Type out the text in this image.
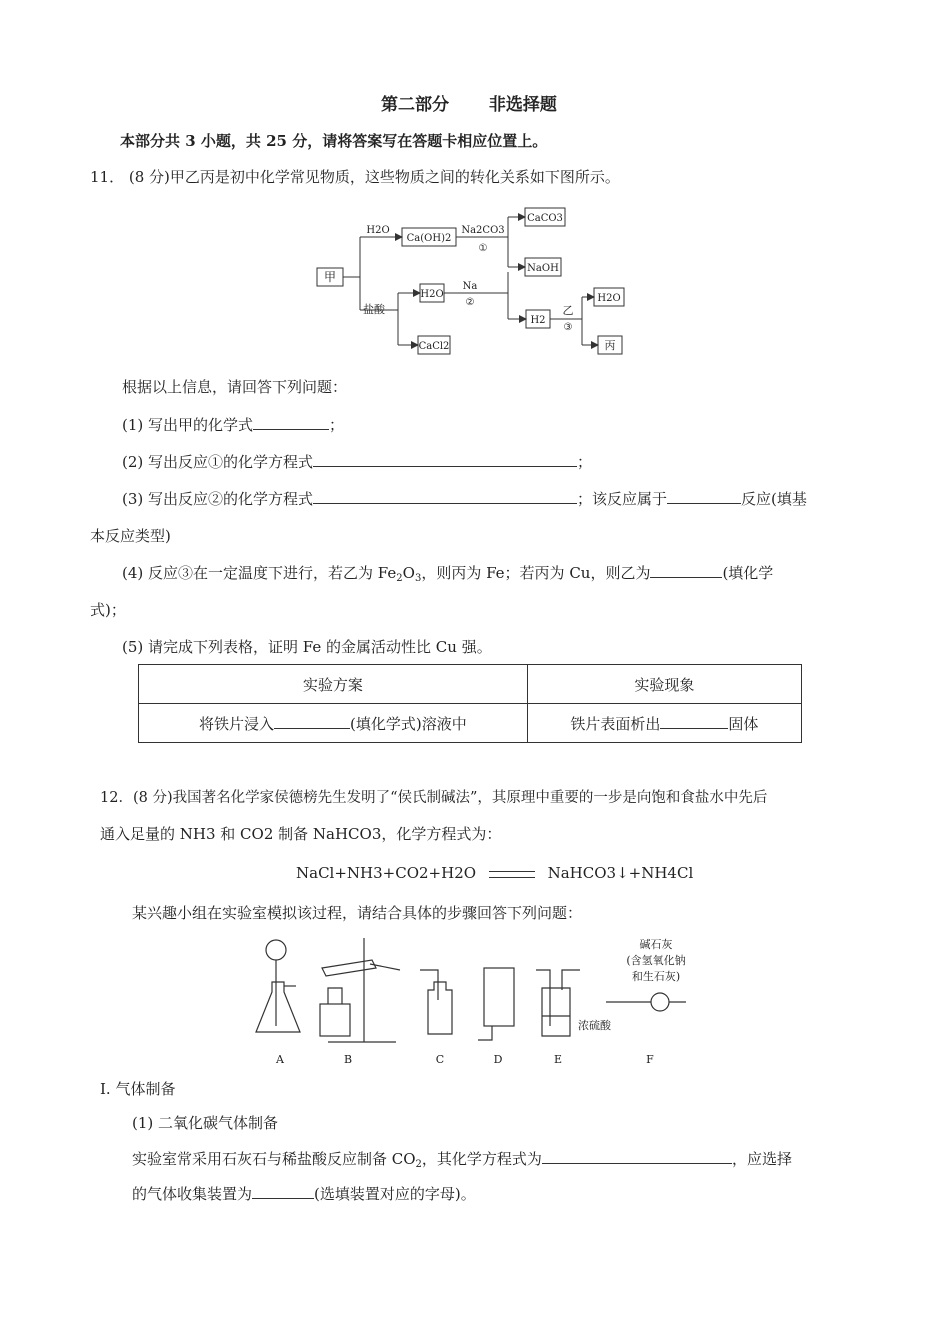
第二部分 非选择题
本部分共 3 小题，共 25 分，请将答案写在答题卡相应位置上。
11． (8 分)甲乙丙是初中化学常见物质，这些物质之间的转化关系如下图所示。
甲
H2O
Ca(OH)2
Na2CO3
①
CaCO3
NaOH
盐酸
H2O
Na
②
H2
乙
③
H2O
丙
CaCl2
根据以上信息，请回答下列问题：
(1) 写出甲的化学式	；
(2) 写出反应①的化学方程式	；
(3) 写出反应②的化学方程式	；该反应属于	反应(填基
本反应类型)
(4) 反应③在一定温度下进行，若乙为 $Fe_2O_3$，则丙为 Fe；若丙为 Cu，则乙为	(填化学
式)；
(5) 请完成下列表格，证明 Fe 的金属活动性比 Cu 强。
实验方案	实验现象
将铁片浸入 (填化学式)溶液中	铁片表面析出 固体
12．(8 分)我国著名化学家侯德榜先生发明了“侯氏制碱法”，其原理中重要的一步是向饱和食盐水中先后
通入足量的 NH3 和 CO2 制备 NaHCO3，化学方程式为：
NaCl+NH3+CO2+H2O	NaHCO3↓+NH4Cl
某兴趣小组在实验室模拟该过程，请结合具体的步骤回答下列问题：
A	B	C	D	E	F
浓硫酸
碱石灰
(含氢氧化钠
和生石灰)
I. 气体制备
(1) 二氧化碳气体制备
实验室常采用石灰石与稀盐酸反应制备 $CO_2$，其化学方程式为	，应选择
的气体收集装置为	(选填装置对应的字母)。
